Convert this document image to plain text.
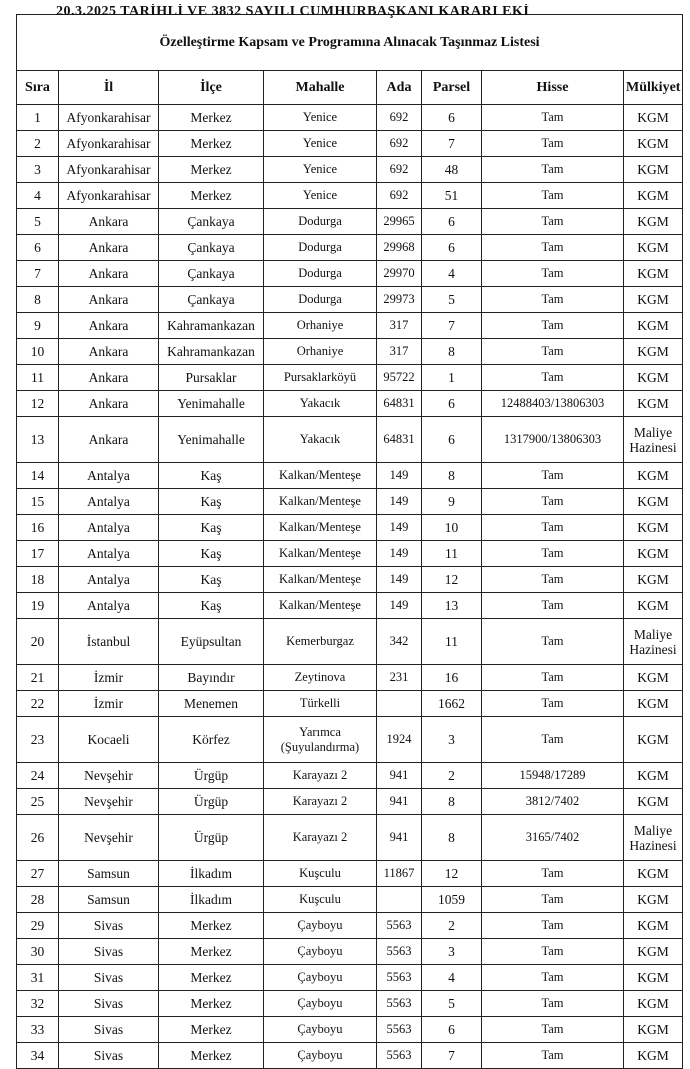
20.3.2025 TARİHLİ VE 3832 SAYILI CUMHURBAŞKANI KARARI EKİ
Özelleştirme Kapsam ve Programına Alınacak Taşınmaz Listesi							
Sıra	İl	İlçe	Mahalle	Ada	Parsel	Hisse	Mülkiyet
1	Afyonkarahisar	Merkez	Yenice	692	6	Tam	KGM
2	Afyonkarahisar	Merkez	Yenice	692	7	Tam	KGM
3	Afyonkarahisar	Merkez	Yenice	692	48	Tam	KGM
4	Afyonkarahisar	Merkez	Yenice	692	51	Tam	KGM
5	Ankara	Çankaya	Dodurga	29965	6	Tam	KGM
6	Ankara	Çankaya	Dodurga	29968	6	Tam	KGM
7	Ankara	Çankaya	Dodurga	29970	4	Tam	KGM
8	Ankara	Çankaya	Dodurga	29973	5	Tam	KGM
9	Ankara	Kahramankazan	Orhaniye	317	7	Tam	KGM
10	Ankara	Kahramankazan	Orhaniye	317	8	Tam	KGM
11	Ankara	Pursaklar	Pursaklarköyü	95722	1	Tam	KGM
12	Ankara	Yenimahalle	Yakacık	64831	6	12488403/13806303	KGM
13	Ankara	Yenimahalle	Yakacık	64831	6	1317900/13806303	Maliye Hazinesi
14	Antalya	Kaş	Kalkan/Menteşe	149	8	Tam	KGM
15	Antalya	Kaş	Kalkan/Menteşe	149	9	Tam	KGM
16	Antalya	Kaş	Kalkan/Menteşe	149	10	Tam	KGM
17	Antalya	Kaş	Kalkan/Menteşe	149	11	Tam	KGM
18	Antalya	Kaş	Kalkan/Menteşe	149	12	Tam	KGM
19	Antalya	Kaş	Kalkan/Menteşe	149	13	Tam	KGM
20	İstanbul	Eyüpsultan	Kemerburgaz	342	11	Tam	Maliye Hazinesi
21	İzmir	Bayındır	Zeytinova	231	16	Tam	KGM
22	İzmir	Menemen	Türkelli		1662	Tam	KGM
23	Kocaeli	Körfez	Yarımca (Şuyulandırma)	1924	3	Tam	KGM
24	Nevşehir	Ürgüp	Karayazı 2	941	2	15948/17289	KGM
25	Nevşehir	Ürgüp	Karayazı 2	941	8	3812/7402	KGM
26	Nevşehir	Ürgüp	Karayazı 2	941	8	3165/7402	Maliye Hazinesi
27	Samsun	İlkadım	Kuşculu	11867	12	Tam	KGM
28	Samsun	İlkadım	Kuşculu		1059	Tam	KGM
29	Sivas	Merkez	Çayboyu	5563	2	Tam	KGM
30	Sivas	Merkez	Çayboyu	5563	3	Tam	KGM
31	Sivas	Merkez	Çayboyu	5563	4	Tam	KGM
32	Sivas	Merkez	Çayboyu	5563	5	Tam	KGM
33	Sivas	Merkez	Çayboyu	5563	6	Tam	KGM
34	Sivas	Merkez	Çayboyu	5563	7	Tam	KGM
